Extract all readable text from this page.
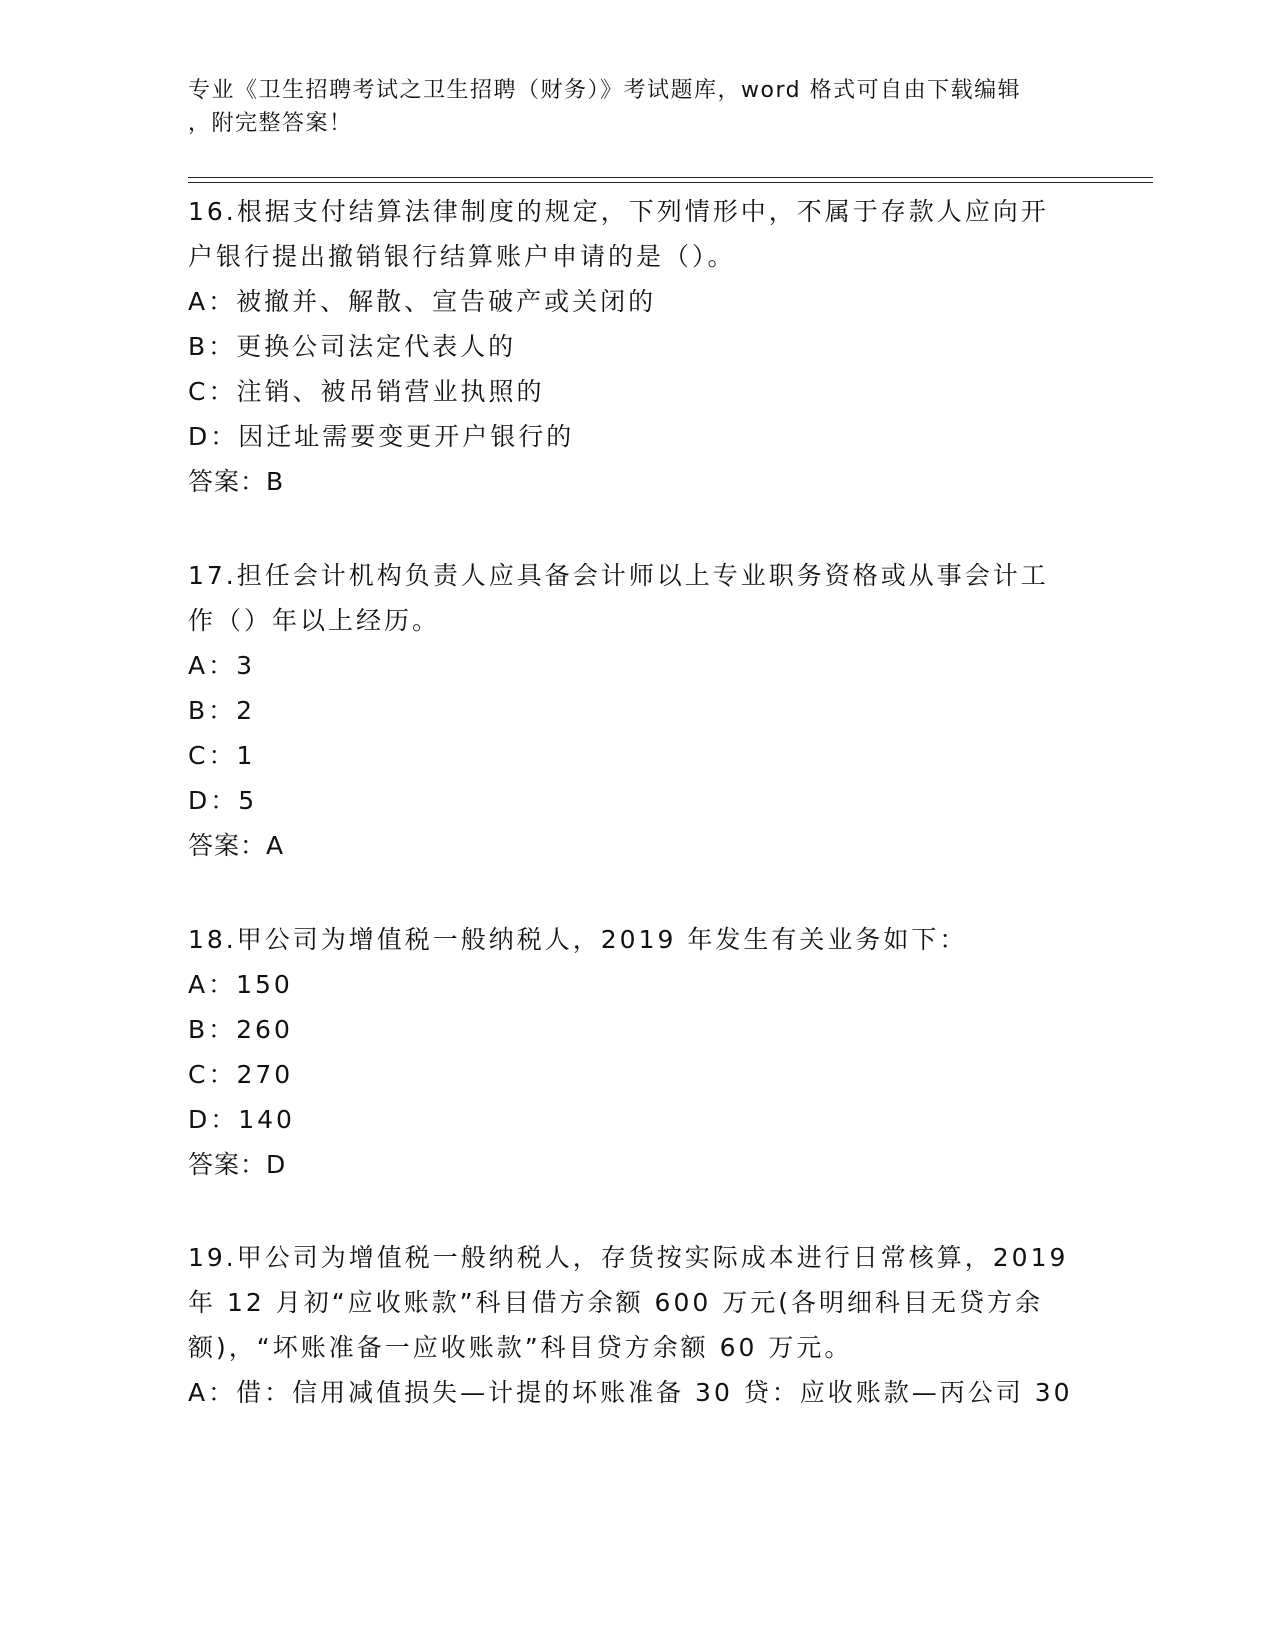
专业《卫生招聘考试之卫生招聘（财务）》考试题库，word 格式可自由下载编辑
，附完整答案！
16.根据支付结算法律制度的规定，下列情形中，不属于存款人应向开
户银行提出撤销银行结算账户申请的是（）。
A：被撤并、解散、宣告破产或关闭的
B：更换公司法定代表人的
C：注销、被吊销营业执照的
D：因迁址需要变更开户银行的
答案：B
17.担任会计机构负责人应具备会计师以上专业职务资格或从事会计工
作（）年以上经历。
A：3
B：2
C：1
D：5
答案：A
18.甲公司为增值税一般纳税人，2019 年发生有关业务如下：
A：150
B：260
C：270
D：140
答案：D
19.甲公司为增值税一般纳税人，存货按实际成本进行日常核算，2019
年 12 月初“应收账款”科目借方余额 600 万元(各明细科目无贷方余
额)，“坏账准备一应收账款”科目贷方余额 60 万元。
A：借：信用减值损失—计提的坏账准备 30 贷：应收账款—丙公司 30
